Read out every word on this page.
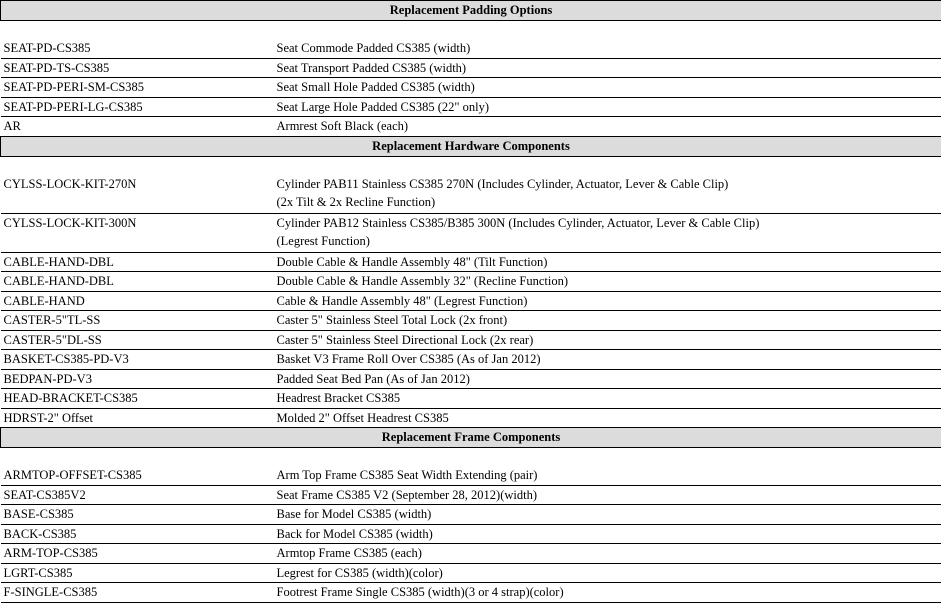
Replacement Padding Options	

SEAT-PD-CS385	Seat Commode Padded CS385 (width)

SEAT-PD-TS-CS385	Seat Transport Padded CS385 (width)

SEAT-PD-PERI-SM-CS385	Seat Small Hole Padded CS385 (width)

SEAT-PD-PERI-LG-CS385	Seat Large Hole Padded CS385 (22" only)

AR	Armrest Soft Black (each)

Replacement Hardware Components	

CYLSS-LOCK-KIT-270N	Cylinder PAB11 Stainless CS385 270N (Includes Cylinder, Actuator, Lever & Cable Clip)
(2x Tilt & 2x Recline Function)

CYLSS-LOCK-KIT-300N	Cylinder PAB12 Stainless CS385/B385 300N (Includes Cylinder, Actuator, Lever & Cable Clip)
(Legrest Function)

CABLE-HAND-DBL	Double Cable & Handle Assembly 48" (Tilt Function)

CABLE-HAND-DBL	Double Cable & Handle Assembly 32" (Recline Function)

CABLE-HAND	Cable & Handle Assembly 48" (Legrest Function)

CASTER-5"TL-SS	Caster 5" Stainless Steel Total Lock (2x front)

CASTER-5"DL-SS	Caster 5" Stainless Steel Directional Lock (2x rear)

BASKET-CS385-PD-V3	Basket V3 Frame Roll Over CS385 (As of Jan 2012)

BEDPAN-PD-V3	Padded Seat Bed Pan (As of Jan 2012)

HEAD-BRACKET-CS385	Headrest Bracket CS385

HDRST-2" Offset	Molded 2" Offset Headrest CS385

Replacement Frame Components	

ARMTOP-OFFSET-CS385	Arm Top Frame CS385 Seat Width Extending (pair)

SEAT-CS385V2	Seat Frame CS385 V2 (September 28, 2012)(width)

BASE-CS385	Base for Model CS385 (width)

BACK-CS385	Back for Model CS385 (width)

ARM-TOP-CS385	Armtop Frame CS385 (each)

LGRT-CS385	Legrest for CS385 (width)(color)

F-SINGLE-CS385	Footrest Frame Single CS385 (width)(3 or 4 strap)(color)
